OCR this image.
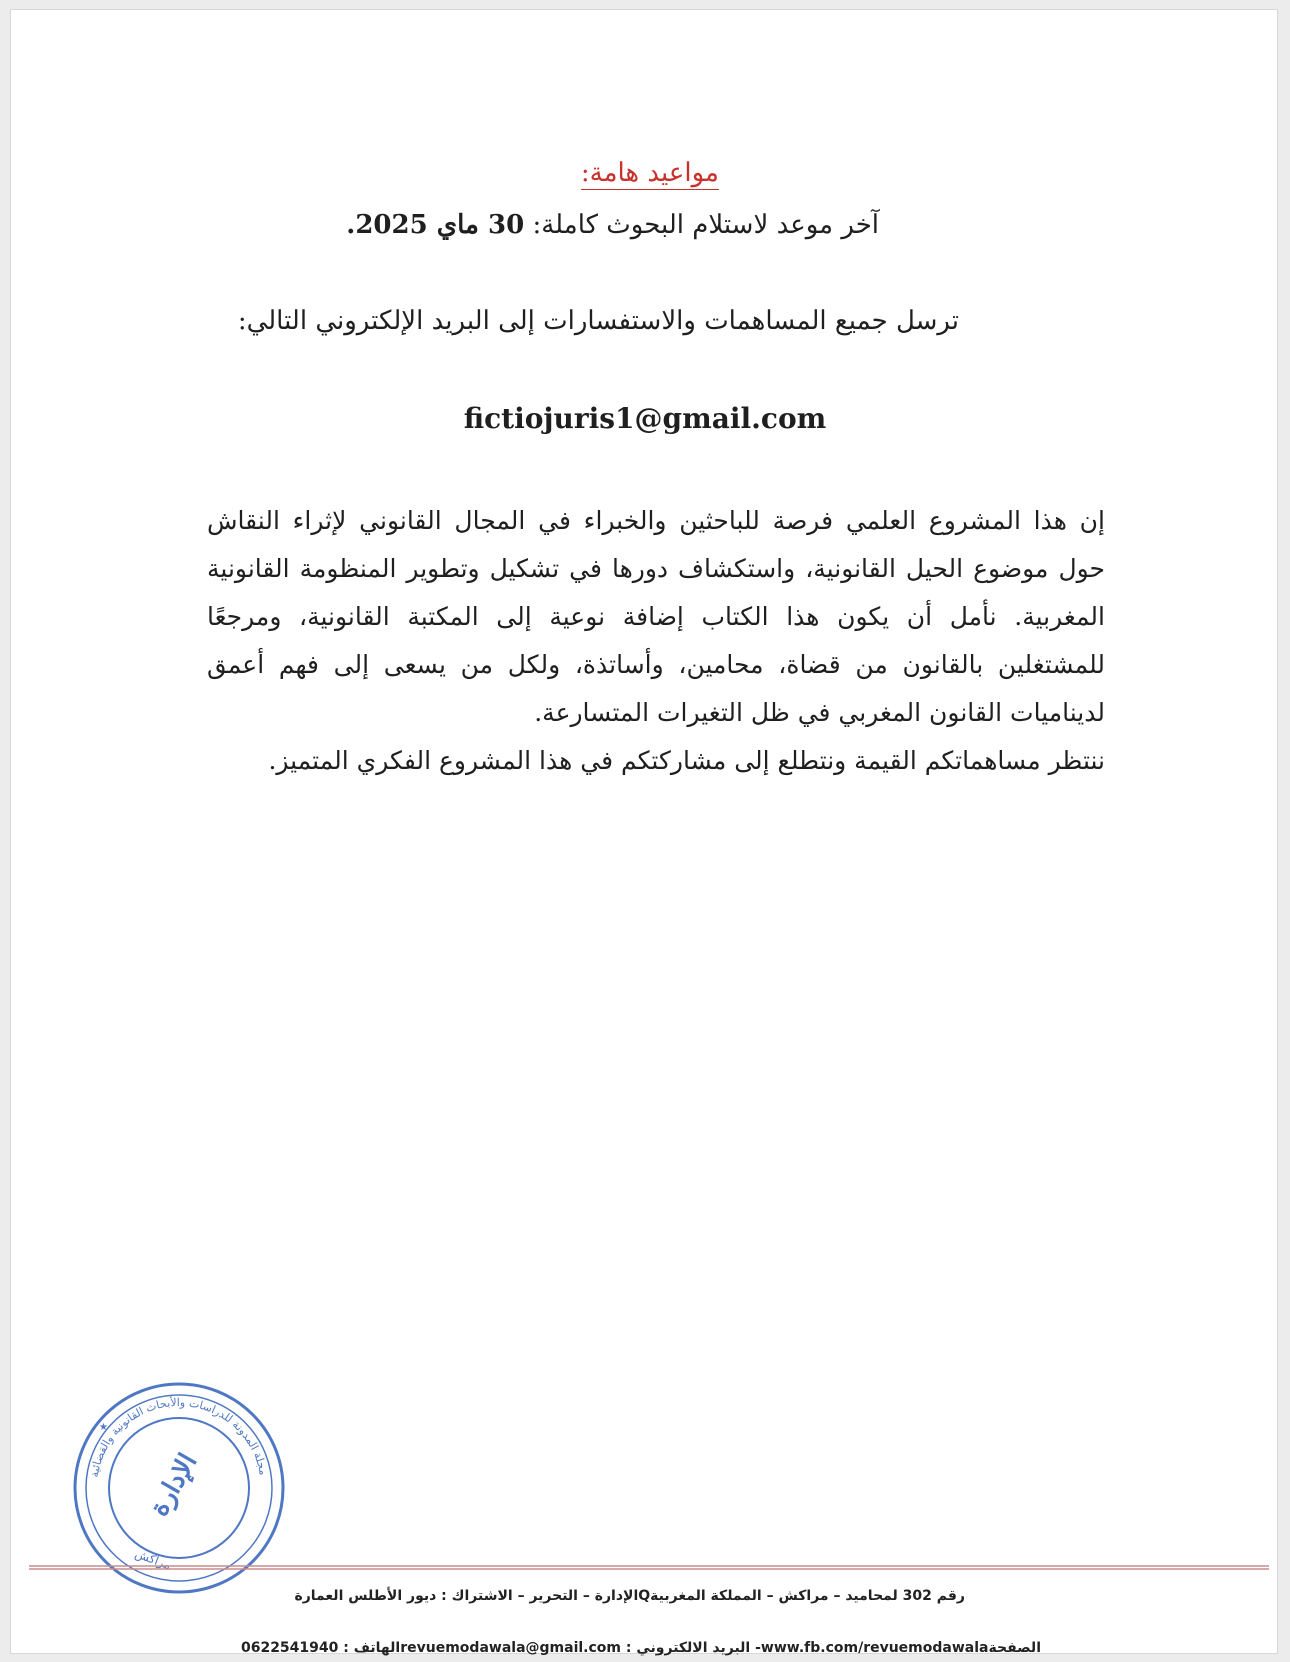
مواعيد هامة:
آخر موعد لاستلام البحوث كاملة: 30 ماي 2025.
ترسل جميع المساهمات والاستفسارات إلى البريد الإلكتروني التالي:
fictiojuris1@gmail.com
إن هذا المشروع العلمي فرصة للباحثين والخبراء في المجال القانوني لإثراء النقاش حول موضوع الحيل القانونية، واستكشاف دورها في تشكيل وتطوير المنظومة القانونية المغربية. نأمل أن يكون هذا الكتاب إضافة نوعية إلى المكتبة القانونية، ومرجعًا للمشتغلين بالقانون من قضاة، محامين، وأساتذة، ولكل من يسعى إلى فهم أعمق لديناميات القانون المغربي في ظل التغيرات المتسارعة.
ننتظر مساهماتكم القيمة ونتطلع إلى مشاركتكم في هذا المشروع الفكري المتميز.
مجلة المدونة للدراسات والأبحاث القانونية والقضائية
الإدارة
مراكش
★
رقم 302 لمحاميد – مراكش – المملكة المغربيةQالإدارة – التحرير – الاشتراك : ديور الأطلس العمارة
الصفحةwww.fb.com/revuemodawala- البريد الالكتروني : revuemodawala@gmail.comالهاتف : 0622541940
